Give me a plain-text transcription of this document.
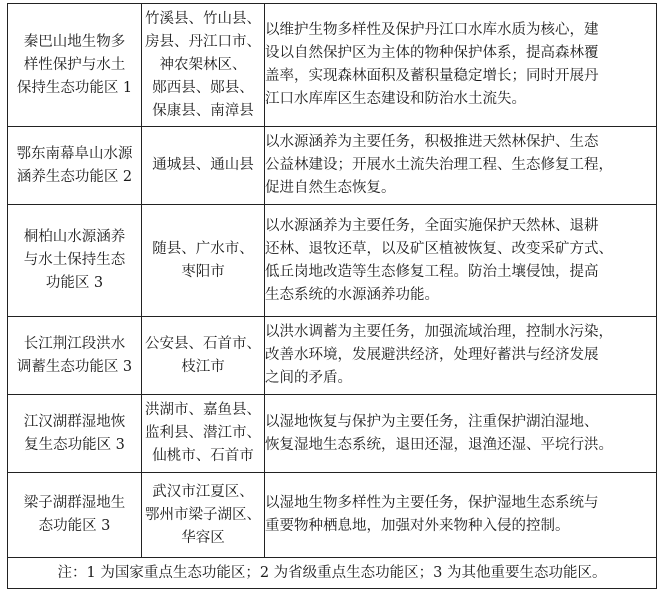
秦巴山地生物多
样性保护与水土
保持生态功能区 1	竹溪县、竹山县、
房县、丹江口市、
神农架林区、
郧西县、郧县、
保康县、南漳县	以维护生物多样性及保护丹江口水库水质为核心，建
设以自然保护区为主体的物种保护体系，提高森林覆
盖率，实现森林面积及蓄积量稳定增长；同时开展丹
江口水库库区生态建设和防治水土流失。

鄂东南幕阜山水源
涵养生态功能区 2	通城县、通山县	以水源涵养为主要任务，积极推进天然林保护、生态
公益林建设；开展水土流失治理工程、生态修复工程，
促进自然生态恢复。

桐柏山水源涵养
与水土保持生态
功能区 3	随县、广水市、
枣阳市	以水源涵养为主要任务，全面实施保护天然林、退耕
还林、退牧还草，以及矿区植被恢复、改变采矿方式、
低丘岗地改造等生态修复工程。防治土壤侵蚀，提高
生态系统的水源涵养功能。

长江荆江段洪水
调蓄生态功能区 3	公安县、石首市、
枝江市	以洪水调蓄为主要任务，加强流域治理，控制水污染，
改善水环境，发展避洪经济，处理好蓄洪与经济发展
之间的矛盾。

江汉湖群湿地恢
复生态功能区 3	洪湖市、嘉鱼县、
监利县、潜江市、
仙桃市、石首市	以湿地恢复与保护为主要任务，注重保护湖泊湿地、
恢复湿地生态系统，退田还湿，退渔还湿、平垸行洪。

梁子湖群湿地生
态功能区 3	武汉市江夏区、
鄂州市梁子湖区、
华容区	以湿地生物多样性为主要任务，保护湿地生态系统与
重要物种栖息地，加强对外来物种入侵的控制。

注：1 为国家重点生态功能区；2 为省级重点生态功能区；3 为其他重要生态功能区。		
